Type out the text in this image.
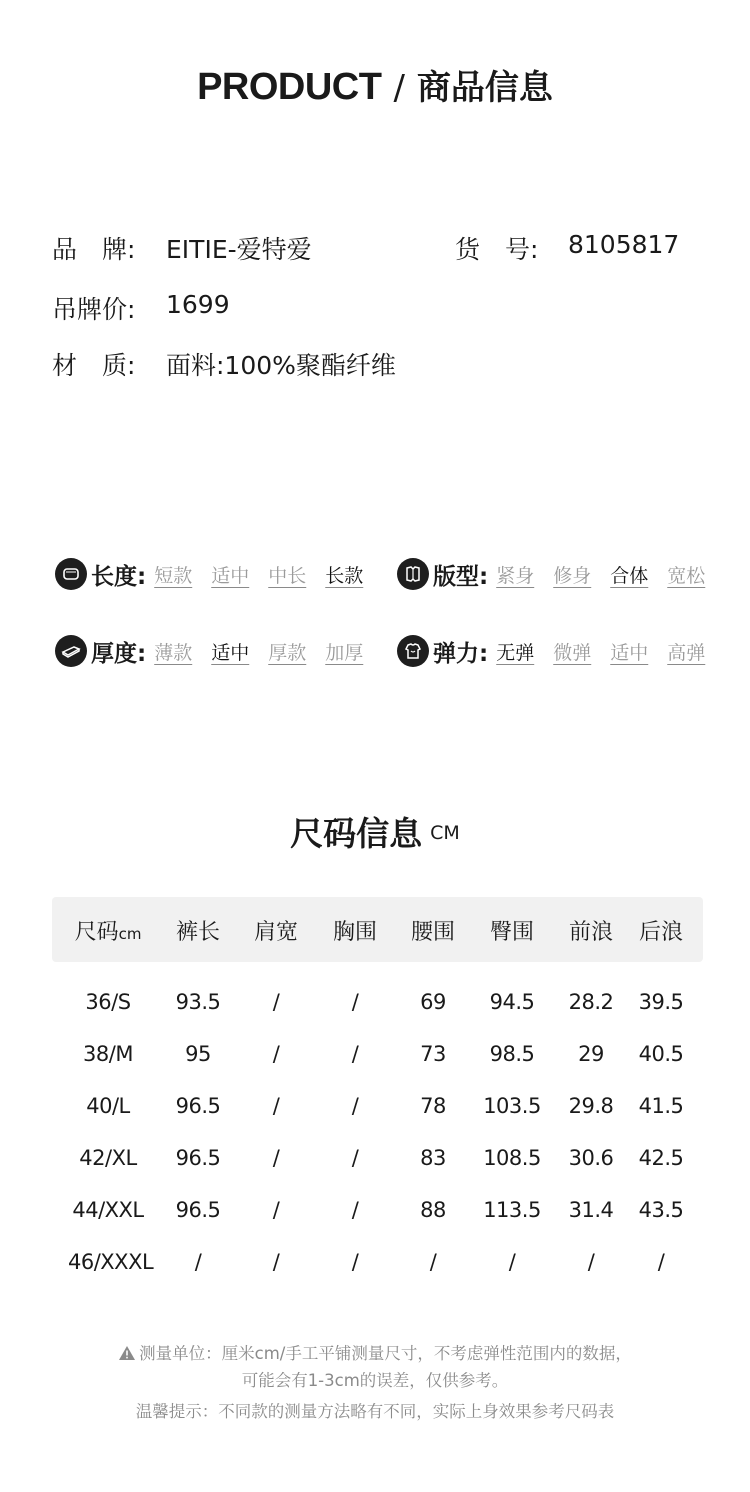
PRODUCT / 商品信息
品　牌: EITIE-爱特爱	货　号: 8105817
吊牌价: 1699
材　质: 面料:100%聚酯纤维
长度: 短款 适中 中长 长款	版型: 紧身 修身 合体 宽松
厚度: 薄款 适中 厚款 加厚	弹力: 无弹 微弹 适中 高弹
尺码信息 CM
尺码cm	裤长	肩宽	胸围	腰围	臀围	前浪	后浪
36/S	93.5	/	/	69	94.5	28.2	39.5
38/M	95	/	/	73	98.5	29	40.5
40/L	96.5	/	/	78	103.5	29.8	41.5
42/XL	96.5	/	/	83	108.5	30.6	42.5
44/XXL	96.5	/	/	88	113.5	31.4	43.5
46/XXXL	/	/	/	/	/	/	/
测量单位：厘米cm/手工平铺测量尺寸，不考虑弹性范围内的数据，
可能会有1-3cm的误差，仅供参考。
温馨提示：不同款的测量方法略有不同，实际上身效果参考尺码表
